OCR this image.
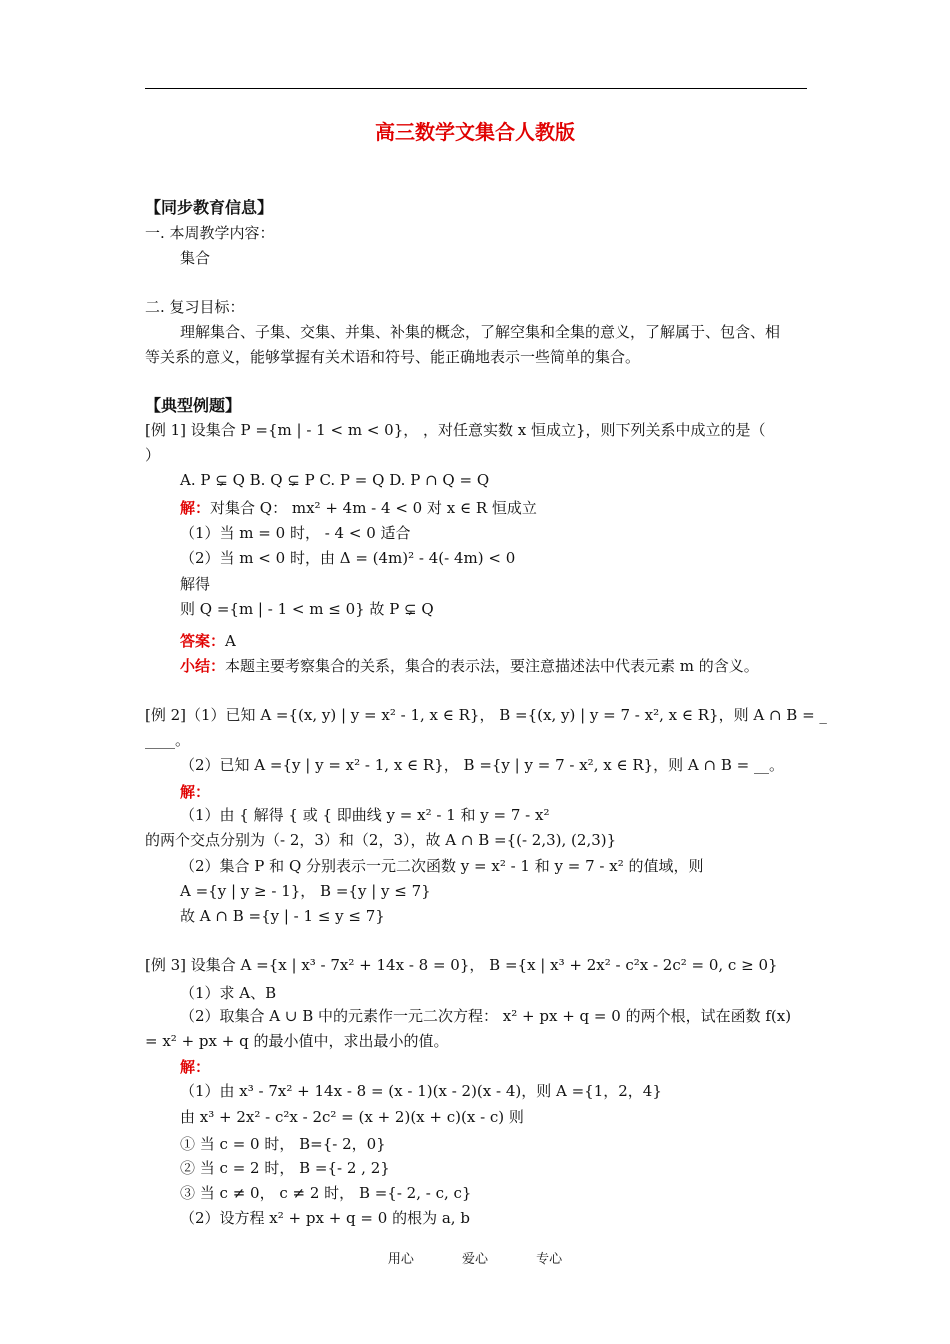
高三数学文集合人教版
【同步教育信息】
一. 本周教学内容：
集合
二. 复习目标：
理解集合、子集、交集、并集、补集的概念，了解空集和全集的意义，了解属于、包含、相
等关系的意义，能够掌握有关术语和符号、能正确地表示一些简单的集合。
【典型例题】
[例 1] 设集合 P ={m | - 1 < m < 0}， ，对任意实数 x 恒成立}，则下列关系中成立的是（
）
A. P ⊊ Q B. Q ⊊ P C. P = Q D. P ∩ Q = Q
解：对集合 Q： mx² + 4m - 4 < 0 对 x ∈ R 恒成立
（1）当 m = 0 时， - 4 < 0 适合
（2）当 m < 0 时，由 Δ = (4m)² - 4(- 4m) < 0
解得
则 Q ={m | - 1 < m ≤ 0} 故 P ⊊ Q
答案：A
小结：本题主要考察集合的关系，集合的表示法，要注意描述法中代表元素 m 的含义。
[例 2]（1）已知 A ={(x, y) | y = x² - 1, x ∈ R}， B ={(x, y) | y = 7 - x², x ∈ R}，则 A ∩ B = _
____。
（2）已知 A ={y | y = x² - 1, x ∈ R}， B ={y | y = 7 - x², x ∈ R}，则 A ∩ B = __。
解：
（1）由 { 解得 { 或 { 即曲线 y = x² - 1 和 y = 7 - x²
的两个交点分别为（- 2，3）和（2，3），故 A ∩ B ={(- 2,3), (2,3)}
（2）集合 P 和 Q 分别表示一元二次函数 y = x² - 1 和 y = 7 - x² 的值域，则
A ={y | y ≥ - 1}， B ={y | y ≤ 7}
故 A ∩ B ={y | - 1 ≤ y ≤ 7}
[例 3] 设集合 A ={x | x³ - 7x² + 14x - 8 = 0}， B ={x | x³ + 2x² - c²x - 2c² = 0, c ≥ 0}
（1）求 A、B
（2）取集合 A ∪ B 中的元素作一元二次方程： x² + px + q = 0 的两个根，试在函数 f(x)
= x² + px + q 的最小值中，求出最小的值。
解：
（1）由 x³ - 7x² + 14x - 8 = (x - 1)(x - 2)(x - 4)，则 A ={1，2，4}
由 x³ + 2x² - c²x - 2c² = (x + 2)(x + c)(x - c) 则
① 当 c = 0 时， B={- 2，0}
② 当 c = 2 时， B ={- 2 , 2}
③ 当 c ≠ 0， c ≠ 2 时， B ={- 2, - c, c}
（2）设方程 x² + px + q = 0 的根为 a, b
用心	爱心	专心
